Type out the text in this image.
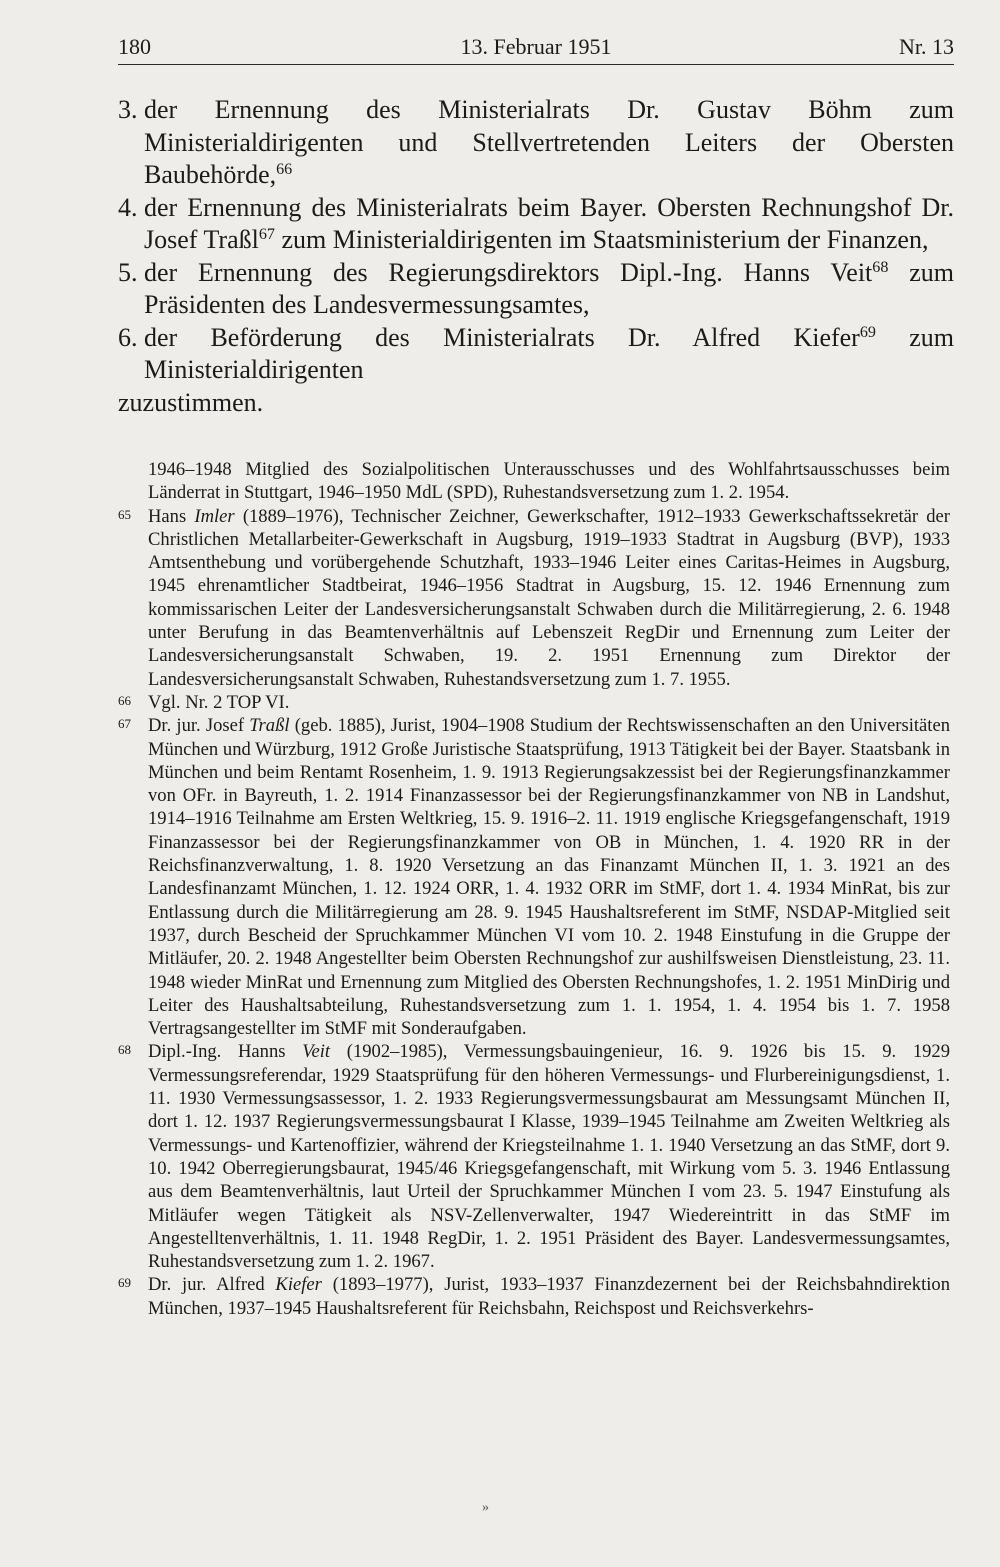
180	13. Februar 1951	Nr. 13
3. der Ernennung des Ministerialrats Dr. Gustav Böhm zum Ministerialdirigenten und Stellvertretenden Leiters der Obersten Baubehörde,$^{66}$
4. der Ernennung des Ministerialrats beim Bayer. Obersten Rechnungshof Dr. Josef Traßl$^{67}$ zum Ministerialdirigenten im Staatsministerium der Finanzen,
5. der Ernennung des Regierungsdirektors Dipl.-Ing. Hanns Veit$^{68}$ zum Präsidenten des Landesvermessungsamtes,
6. der Beförderung des Ministerialrats Dr. Alfred Kiefer$^{69}$ zum Ministerialdirigenten
zuzustimmen.
1946–1948 Mitglied des Sozialpolitischen Unterausschusses und des Wohlfahrtsausschusses beim Länderrat in Stuttgart, 1946–1950 MdL (SPD), Ruhestandsversetzung zum 1. 2. 1954.
65 Hans Imler (1889–1976), Technischer Zeichner, Gewerkschafter, 1912–1933 Gewerkschaftssekretär der Christlichen Metallarbeiter-Gewerkschaft in Augsburg, 1919–1933 Stadtrat in Augsburg (BVP), 1933 Amtsenthebung und vorübergehende Schutzhaft, 1933–1946 Leiter eines Caritas-Heimes in Augsburg, 1945 ehrenamtlicher Stadtbeirat, 1946–1956 Stadtrat in Augsburg, 15. 12. 1946 Ernennung zum kommissarischen Leiter der Landesversicherungsanstalt Schwaben durch die Militärregierung, 2. 6. 1948 unter Berufung in das Beamtenverhältnis auf Lebenszeit RegDir und Ernennung zum Leiter der Landesversicherungsanstalt Schwaben, 19. 2. 1951 Ernennung zum Direktor der Landesversicherungsanstalt Schwaben, Ruhestandsversetzung zum 1. 7. 1955.
66 Vgl. Nr. 2 TOP VI.
67 Dr. jur. Josef Traßl (geb. 1885), Jurist, 1904–1908 Studium der Rechtswissenschaften an den Universitäten München und Würzburg, 1912 Große Juristische Staatsprüfung, 1913 Tätigkeit bei der Bayer. Staatsbank in München und beim Rentamt Rosenheim, 1. 9. 1913 Regierungsakzessist bei der Regierungsfinanzkammer von OFr. in Bayreuth, 1. 2. 1914 Finanzassessor bei der Regierungsfinanzkammer von NB in Landshut, 1914–1916 Teilnahme am Ersten Weltkrieg, 15. 9. 1916–2. 11. 1919 englische Kriegsgefangenschaft, 1919 Finanzassessor bei der Regierungsfinanzkammer von OB in München, 1. 4. 1920 RR in der Reichsfinanzverwaltung, 1. 8. 1920 Versetzung an das Finanzamt München II, 1. 3. 1921 an des Landesfinanzamt München, 1. 12. 1924 ORR, 1. 4. 1932 ORR im StMF, dort 1. 4. 1934 MinRat, bis zur Entlassung durch die Militärregierung am 28. 9. 1945 Haushaltsreferent im StMF, NSDAP-Mitglied seit 1937, durch Bescheid der Spruchkammer München VI vom 10. 2. 1948 Einstufung in die Gruppe der Mitläufer, 20. 2. 1948 Angestellter beim Obersten Rechnungshof zur aushilfsweisen Dienstleistung, 23. 11. 1948 wieder MinRat und Ernennung zum Mitglied des Obersten Rechnungshofes, 1. 2. 1951 MinDirig und Leiter des Haushaltsabteilung, Ruhestandsversetzung zum 1. 1. 1954, 1. 4. 1954 bis 1. 7. 1958 Vertragsangestellter im StMF mit Sonderaufgaben.
68 Dipl.-Ing. Hanns Veit (1902–1985), Vermessungsbauingenieur, 16. 9. 1926 bis 15. 9. 1929 Vermessungsreferendar, 1929 Staatsprüfung für den höheren Vermessungs- und Flurbereinigungsdienst, 1. 11. 1930 Vermessungsassessor, 1. 2. 1933 Regierungsvermessungsbaurat am Messungsamt München II, dort 1. 12. 1937 Regierungsvermessungsbaurat I Klasse, 1939–1945 Teilnahme am Zweiten Weltkrieg als Vermessungs- und Kartenoffizier, während der Kriegsteilnahme 1. 1. 1940 Versetzung an das StMF, dort 9. 10. 1942 Oberregierungsbaurat, 1945/46 Kriegsgefangenschaft, mit Wirkung vom 5. 3. 1946 Entlassung aus dem Beamtenverhältnis, laut Urteil der Spruchkammer München I vom 23. 5. 1947 Einstufung als Mitläufer wegen Tätigkeit als NSV-Zellenverwalter, 1947 Wiedereintritt in das StMF im Angestelltenverhältnis, 1. 11. 1948 RegDir, 1. 2. 1951 Präsident des Bayer. Landesvermessungsamtes, Ruhestandsversetzung zum 1. 2. 1967.
69 Dr. jur. Alfred Kiefer (1893–1977), Jurist, 1933–1937 Finanzdezernent bei der Reichsbahndirektion München, 1937–1945 Haushaltsreferent für Reichsbahn, Reichspost und Reichsverkehrs-
»
